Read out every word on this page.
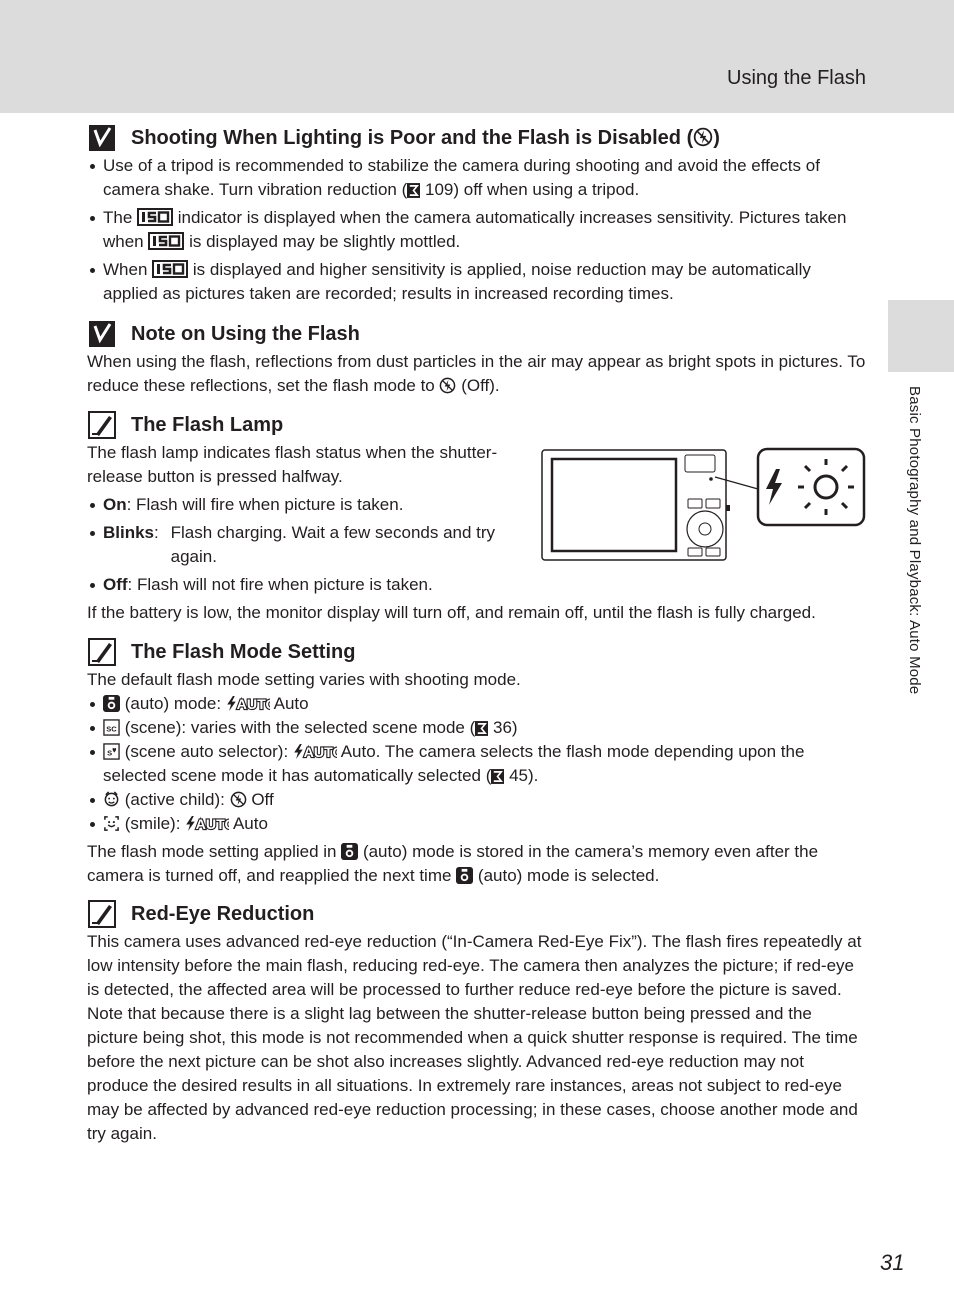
Using the Flash
Basic Photography and Playback: Auto Mode
Shooting When Lighting is Poor and the Flash is Disabled ( )
Use of a tripod is recommended to stabilize the camera during shooting and avoid the effects of camera shake. Turn vibration reduction ( 109) off when using a tripod.
The  indicator is displayed when the camera automatically increases sensitivity. Pictures taken when  is displayed may be slightly mottled.
When  is displayed and higher sensitivity is applied, noise reduction may be automatically applied as pictures taken are recorded; results in increased recording times.
Note on Using the Flash

When using the flash, reflections from dust particles in the air may appear as bright spots in pictures. To reduce these reflections, set the flash mode to  (Off).

The Flash Lamp

The flash lamp indicates flash status when the shutter-release button is pressed halfway.

On: Flash will fire when picture is taken.
Blinks : Flash charging. Wait a few seconds and try again.
Off: Flash will not fire when picture is taken.

If the battery is low, the monitor display will turn off, and remain off, until the flash is fully charged.

The Flash Mode Setting

The default flash mode setting varies with shooting mode.

(auto) mode:	Auto
(scene): varies with the selected scene mode ( 36)
(scene auto selector):	Auto. The camera selects the flash mode depending upon the selected scene mode it has automatically selected ( 45).
(active child):  Off
(smile):	Auto

The flash mode setting applied in  (auto) mode is stored in the camera’s memory even after the camera is turned off, and reapplied the next time  (auto) mode is selected.

Red-Eye Reduction

This camera uses advanced red-eye reduction (“In-Camera Red-Eye Fix”). The flash fires repeatedly at low intensity before the main flash, reducing red-eye. The camera then analyzes the picture; if red-eye is detected, the affected area will be processed to further reduce red-eye before the picture is saved. Note that because there is a slight lag between the shutter-release button being pressed and the picture being shot, this mode is not recommended when a quick shutter response is required. The time before the next picture can be shot also increases slightly. Advanced red-eye reduction may not produce the desired results in all situations. In extremely rare instances, areas not subject to red-eye may be affected by advanced red-eye reduction processing; in these cases, choose another mode and try again.

31
